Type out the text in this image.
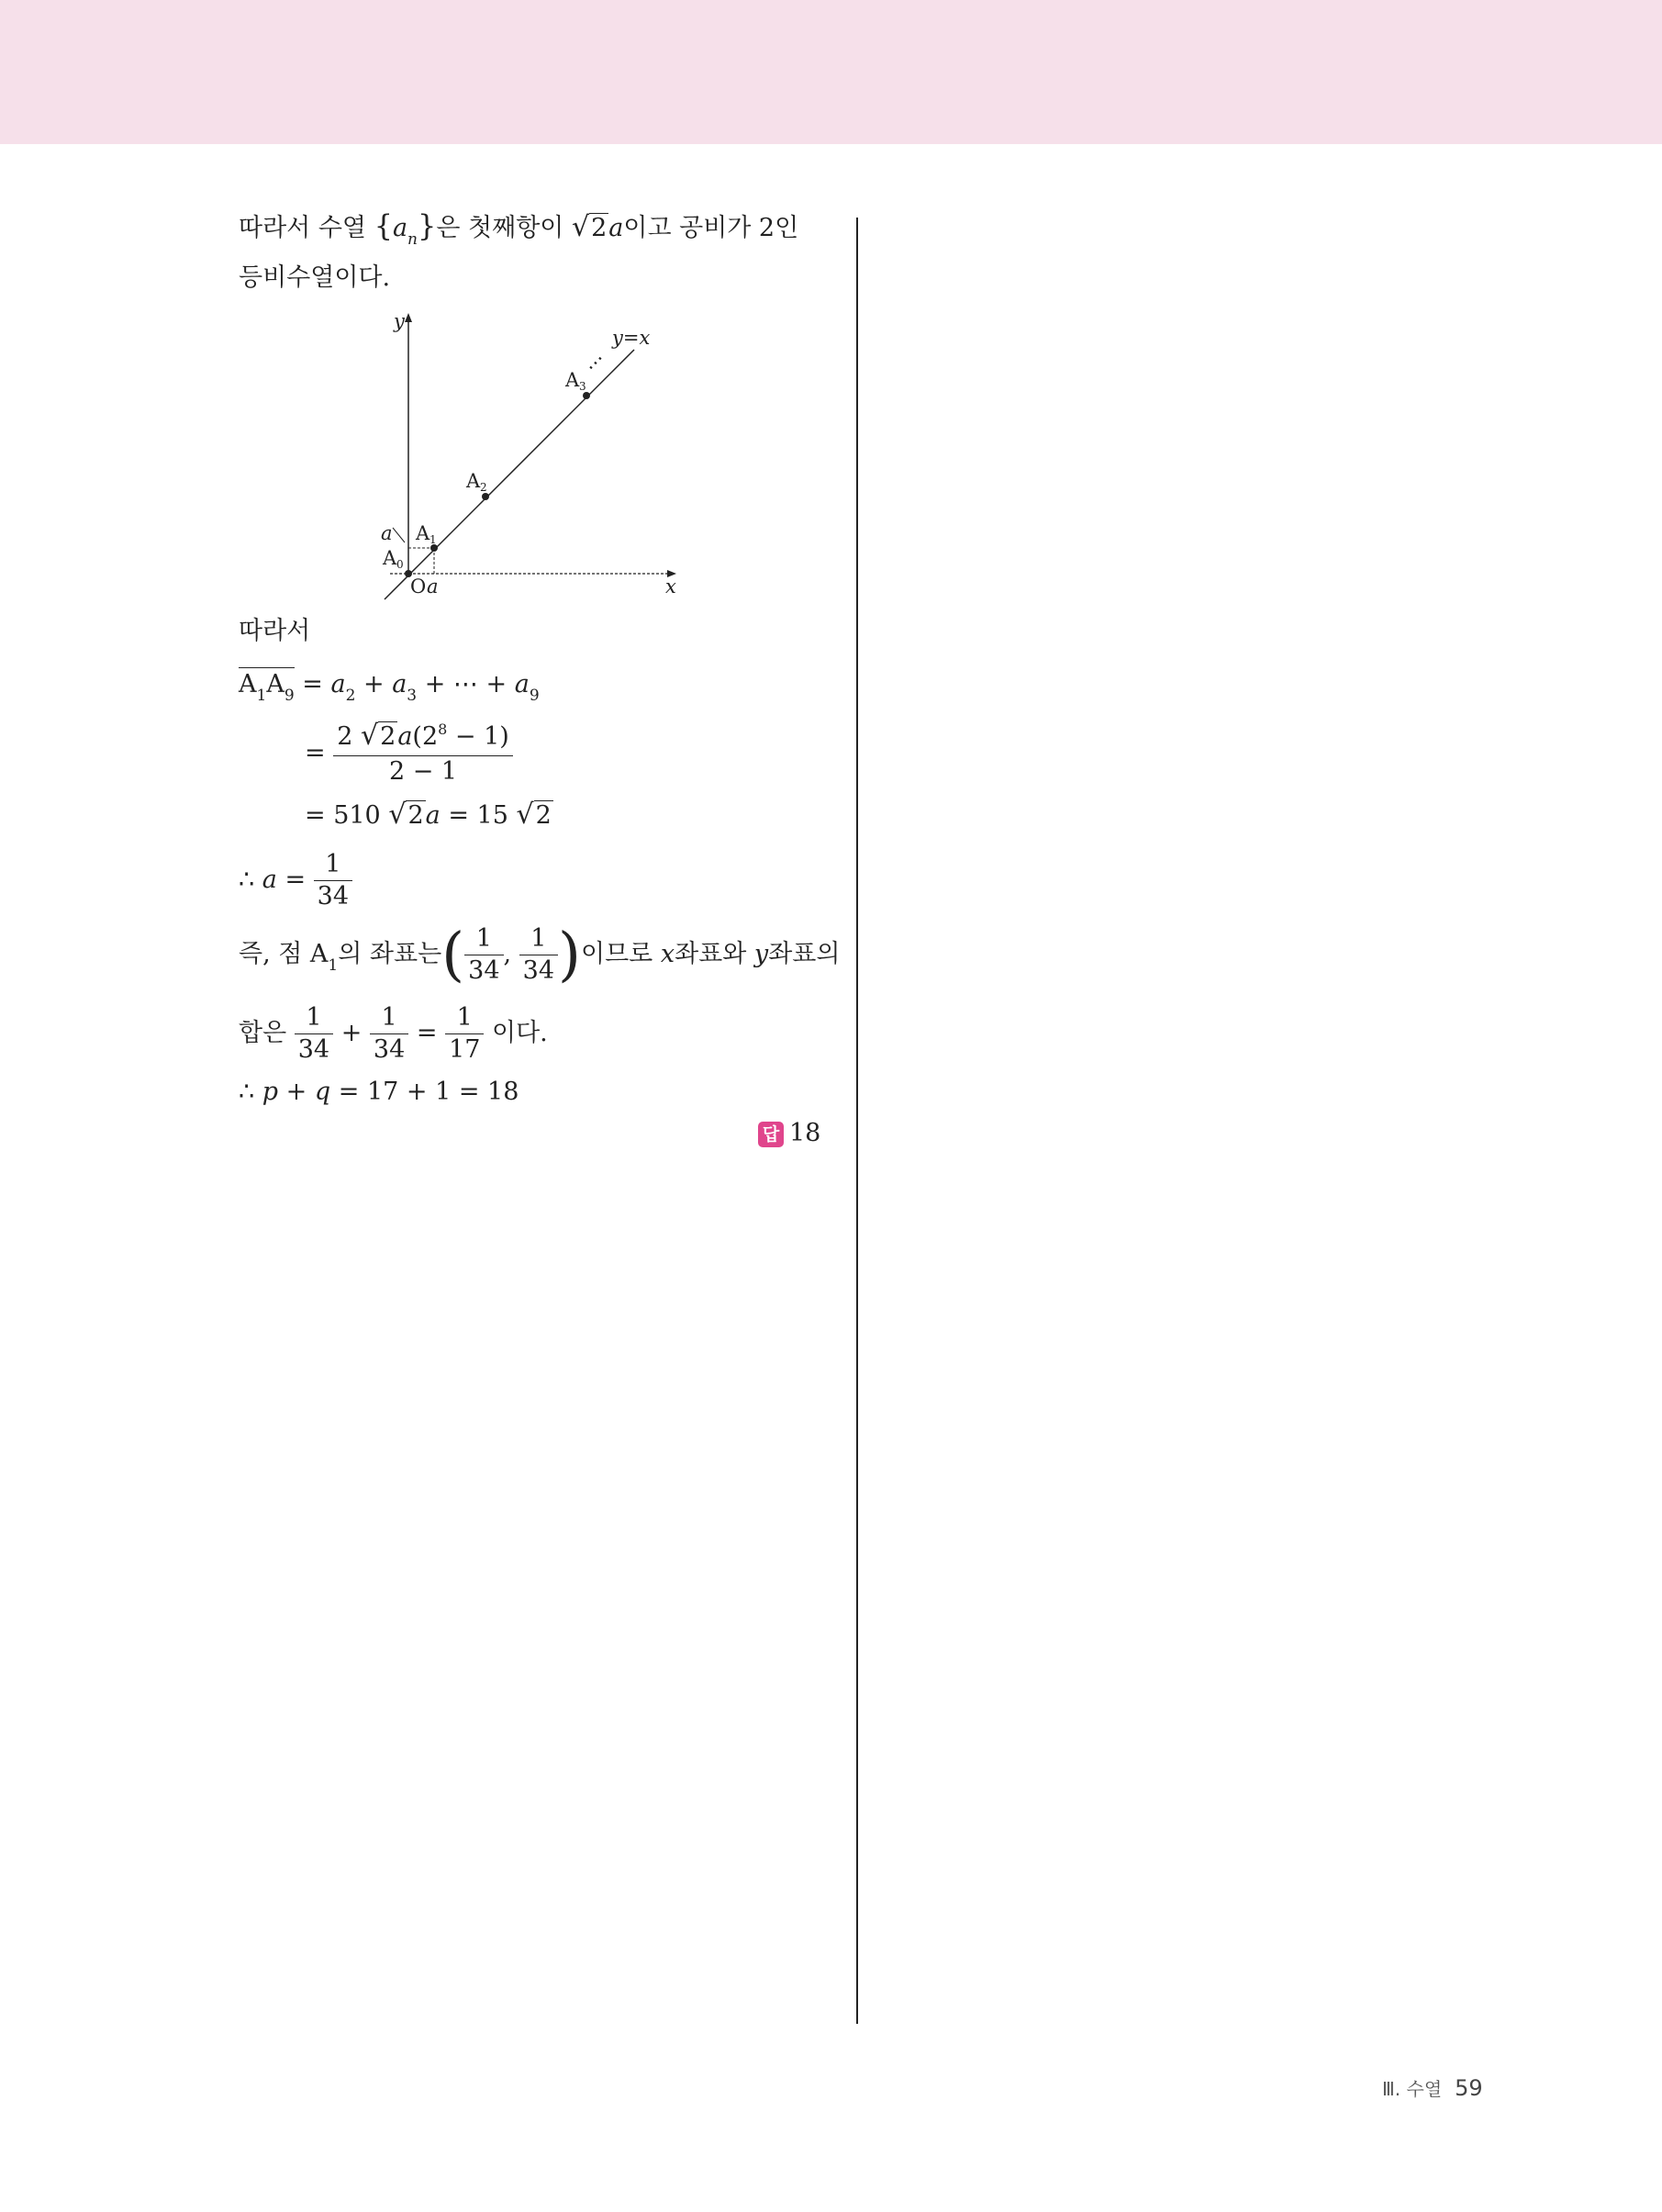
따라서 수열 $\{a_n\}$은 첫째항이 √2a이고 공비가 2인
등비수열이다.
y
x
y=x
⋯
O a
a
A 0
A 1
A 2
A 3
따라서
$A_1A_9 = a_2 + a_3$ + ⋯ + $a_9$
= $\frac{2 √2a(2^8 - 1)}{2 - 1}$
= 510 √2a = 15 √2
∴ $a = \frac{1}{34}$
즉, 점 $A_1$의 좌표는( $\frac{1}{34}$ , $\frac{1}{34}$ )이므로 x좌표와 y좌표의
합은 $\frac{1}{34} + \frac{1}{34} = \frac{1}{17}$ 이다.
∴ p + q = 17 + 1 = 18
답 18
Ⅲ. 수열 59
